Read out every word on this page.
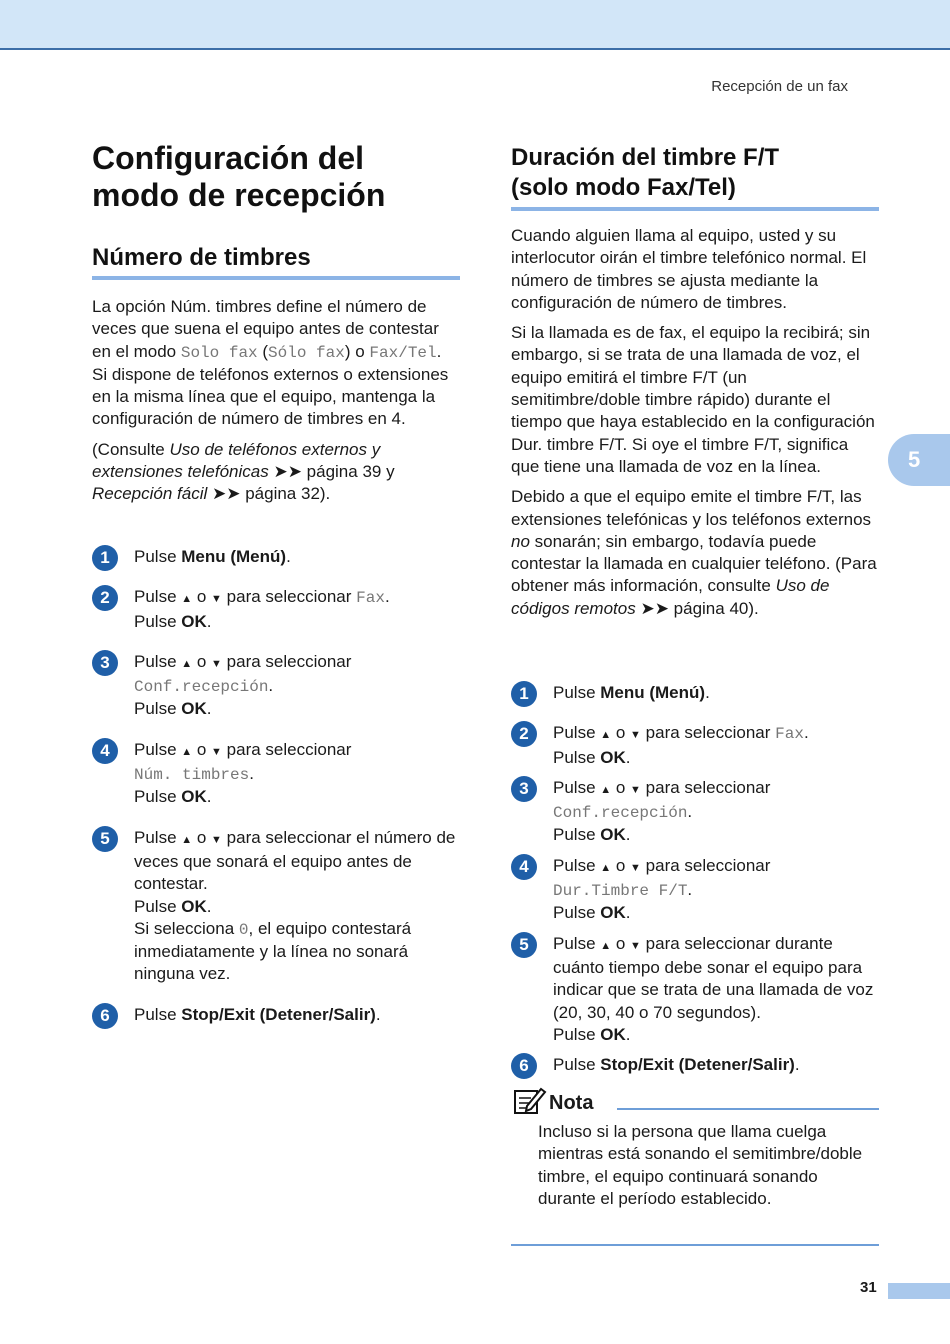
Recepción de un fax
5
31
Configuración del
modo de recepción
Número de timbres

La opción Núm. timbres define el número de veces que suena el equipo antes de contestar en el modo Solo fax (Sólo fax) o Fax/Tel. Si dispone de teléfonos externos o extensiones en la misma línea que el equipo, mantenga la configuración de número de timbres en 4.

(Consulte Uso de teléfonos externos y extensiones telefónicas ➤➤ página 39 y Recepción fácil ➤➤ página 32).

1	Pulse Menu (Menú).
2	Pulse ▲ o ▼ para seleccionar Fax.
Pulse OK.
3	Pulse ▲ o ▼ para seleccionar
Conf.recepción.
Pulse OK.
4	Pulse ▲ o ▼ para seleccionar
Núm. timbres.
Pulse OK.
5	Pulse ▲ o ▼ para seleccionar el número de veces que sonará el equipo antes de contestar.
Pulse OK.
Si selecciona 0, el equipo contestará inmediatamente y la línea no sonará ninguna vez.
6	Pulse Stop/Exit (Detener/Salir).
Duración del timbre F/T
(solo modo Fax/Tel)

Cuando alguien llama al equipo, usted y su interlocutor oirán el timbre telefónico normal. El número de timbres se ajusta mediante la configuración de número de timbres.

Si la llamada es de fax, el equipo la recibirá; sin embargo, si se trata de una llamada de voz, el equipo emitirá el timbre F/T (un semitimbre/doble timbre rápido) durante el tiempo que haya establecido en la configuración Dur. timbre F/T. Si oye el timbre F/T, significa que tiene una llamada de voz en la línea.

Debido a que el equipo emite el timbre F/T, las extensiones telefónicas y los teléfonos externos no sonarán; sin embargo, todavía puede contestar la llamada en cualquier teléfono. (Para obtener más información, consulte Uso de códigos remotos ➤➤ página 40).

1	Pulse Menu (Menú).
2	Pulse ▲ o ▼ para seleccionar Fax.
Pulse OK.
3	Pulse ▲ o ▼ para seleccionar
Conf.recepción.
Pulse OK.
4	Pulse ▲ o ▼ para seleccionar
Dur.Timbre F/T.
Pulse OK.
5	Pulse ▲ o ▼ para seleccionar durante cuánto tiempo debe sonar el equipo para indicar que se trata de una llamada de voz (20, 30, 40 o 70 segundos).
Pulse OK.
6	Pulse Stop/Exit (Detener/Salir).
Nota
Incluso si la persona que llama cuelga mientras está sonando el semitimbre/doble timbre, el equipo continuará sonando durante el período establecido.
